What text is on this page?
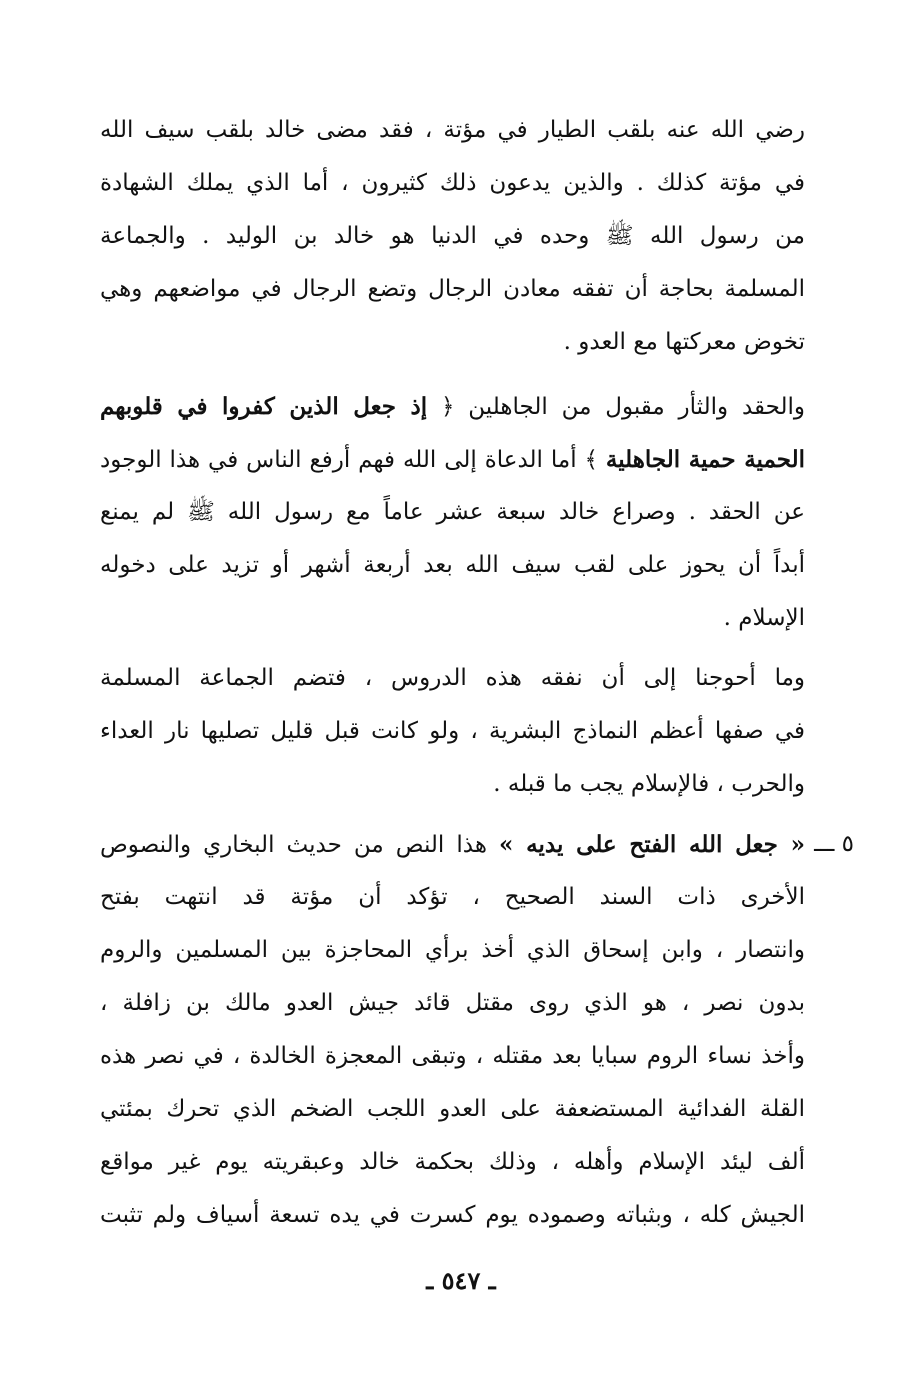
رضي الله عنه بلقب الطيار في مؤتة ، فقد مضى خالد بلقب سيف الله
في مؤتة كذلك . والذين يدعون ذلك كثيرون ، أما الذي يملك الشهادة
من رسول الله ﷺ وحده في الدنيا هو خالد بن الوليد . والجماعة
المسلمة بحاجة أن تفقه معادن الرجال وتضع الرجال في مواضعهم وهي
تخوض معركتها مع العدو .
والحقد والثأر مقبول من الجاهلين ﴿ إذ جعل الذين كفروا في قلوبهم
الحمية حمية الجاهلية ﴾ أما الدعاة إلى الله فهم أرفع الناس في هذا الوجود
عن الحقد . وصراع خالد سبعة عشر عاماً مع رسول الله ﷺ لم يمنع
أبداً أن يحوز على لقب سيف الله بعد أربعة أشهر أو تزيد على دخوله
الإسلام .
وما أحوجنا إلى أن نفقه هذه الدروس ، فتضم الجماعة المسلمة
في صفها أعظم النماذج البشرية ، ولو كانت قبل قليل تصليها نار العداء
والحرب ، فالإسلام يجب ما قبله .
٥ ـــ
« جعل الله الفتح على يديه » هذا النص من حديث البخاري والنصوص
الأخرى ذات السند الصحيح ، تؤكد أن مؤتة قد انتهت بفتح
وانتصار ، وابن إسحاق الذي أخذ برأي المحاجزة بين المسلمين والروم
بدون نصر ، هو الذي روى مقتل قائد جيش العدو مالك بن زافلة ،
وأخذ نساء الروم سبايا بعد مقتله ، وتبقى المعجزة الخالدة ، في نصر هذه
القلة الفدائية المستضعفة على العدو اللجب الضخم الذي تحرك بمئتي
ألف ليئد الإسلام وأهله ، وذلك بحكمة خالد وعبقريته يوم غير مواقع
الجيش كله ، وبثباته وصموده يوم كسرت في يده تسعة أسياف ولم تثبت
ـ ٥٤٧ ـ
